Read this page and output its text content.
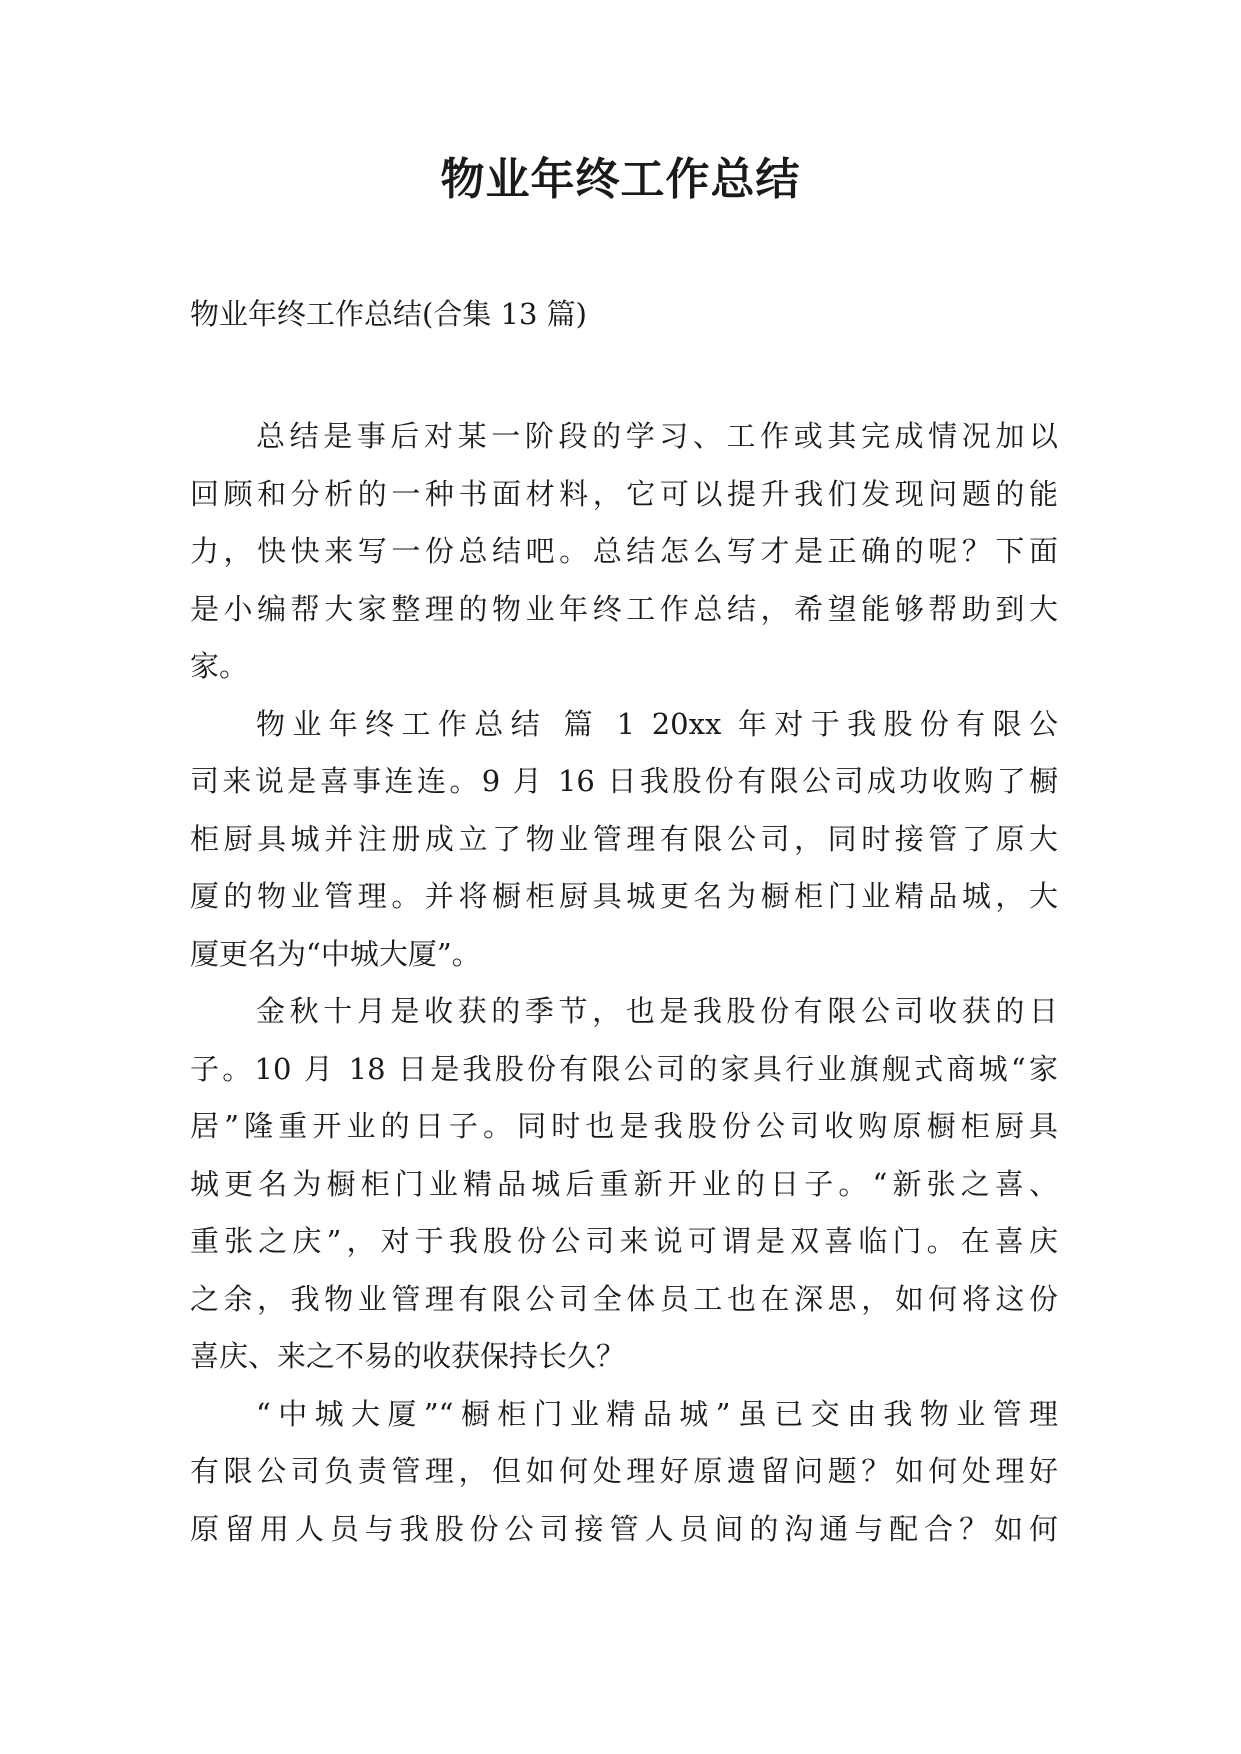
物业年终工作总结

物业年终工作总结(合集 13 篇)

总结是事后对某一阶段的学习、工作或其完成情况加以
回顾和分析的一种书面材料，它可以提升我们发现问题的能
力，快快来写一份总结吧。总结怎么写才是正确的呢？下面
是小编帮大家整理的物业年终工作总结，希望能够帮助到大
家。
物业年终工作总结 篇 1 20xx 年对于我股份有限公
司来说是喜事连连。9 月 16 日我股份有限公司成功收购了橱
柜厨具城并注册成立了物业管理有限公司，同时接管了原大
厦的物业管理。并将橱柜厨具城更名为橱柜门业精品城，大
厦更名为“中城大厦”。
金秋十月是收获的季节，也是我股份有限公司收获的日
子。10 月 18 日是我股份有限公司的家具行业旗舰式商城“家
居”隆重开业的日子。同时也是我股份公司收购原橱柜厨具
城更名为橱柜门业精品城后重新开业的日子。“新张之喜、
重张之庆”，对于我股份公司来说可谓是双喜临门。在喜庆
之余，我物业管理有限公司全体员工也在深思，如何将这份
喜庆、来之不易的收获保持长久？
“中城大厦”“橱柜门业精品城”虽已交由我物业管理
有限公司负责管理，但如何处理好原遗留问题？如何处理好
原留用人员与我股份公司接管人员间的沟通与配合？如何
